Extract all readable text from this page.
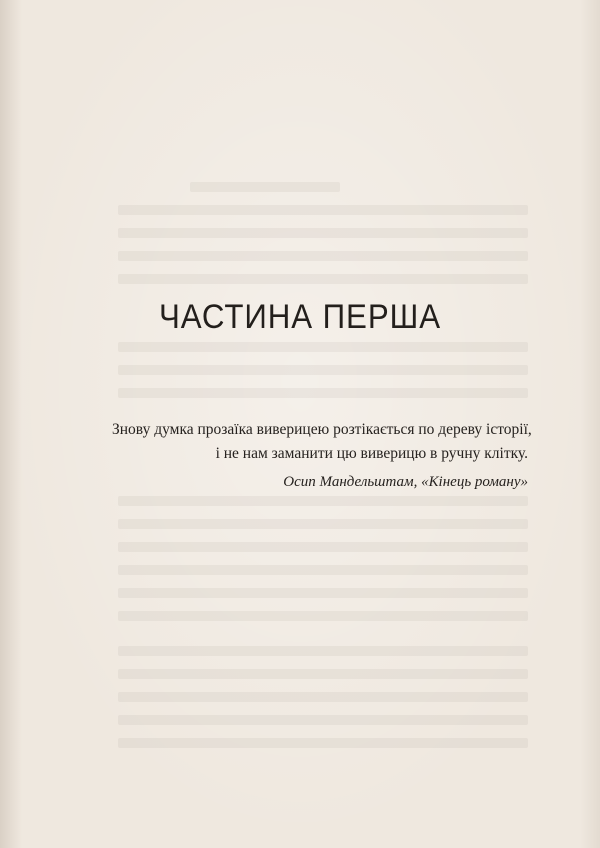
ЧАСТИНА ПЕРША
Знову думка прозаїка виверицею розтікається по дереву історії,
і не нам заманити цю виверицю в ручну клітку.
Осип Мандельштам, «Кінець роману»
